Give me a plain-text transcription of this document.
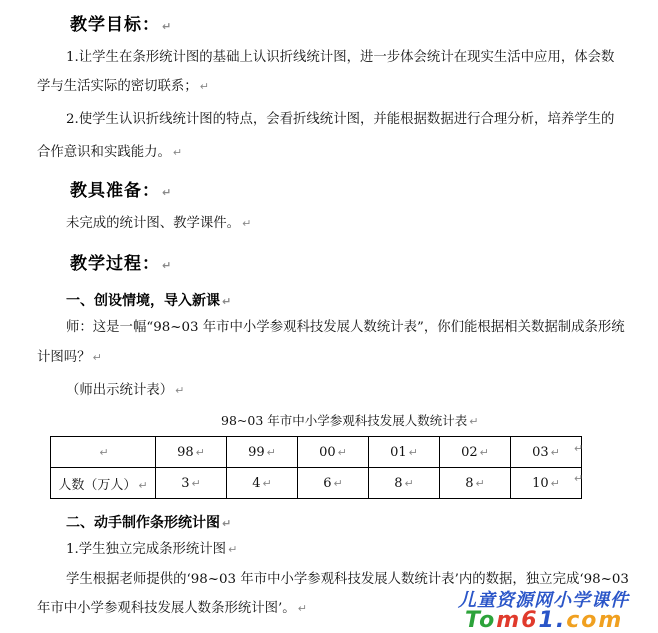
教学目标： ↵
1.让学生在条形统计图的基础上认识折线统计图，进一步体会统计在现实生活中应用，体会数
学与生活实际的密切联系； ↵
2.使学生认识折线统计图的特点，会看折线统计图，并能根据数据进行合理分析，培养学生的
合作意识和实践能力。 ↵
教具准备： ↵
未完成的统计图、教学课件。 ↵
教学过程： ↵
一、创设情境，导入新课 ↵
师：这是一幅“98~03 年市中小学参观科技发展人数统计表”，你们能根据相关数据制成条形统
计图吗？ ↵
（师出示统计表） ↵
98~03 年市中小学参观科技发展人数统计表 ↵
↵	98 ↵	99 ↵	00 ↵	01 ↵	02 ↵	03 ↵
人数（万人） ↵	3 ↵	4 ↵	6 ↵	8 ↵	8 ↵	10 ↵
↵
↵
二、动手制作条形统计图 ↵
1.学生独立完成条形统计图 ↵
学生根据老师提供的‘98~03 年市中小学参观科技发展人数统计表’内的数据，独立完成‘98~03
年市中小学参观科技发展人数条形统计图’。 ↵	儿童资源网小学课件
Tom61.com
